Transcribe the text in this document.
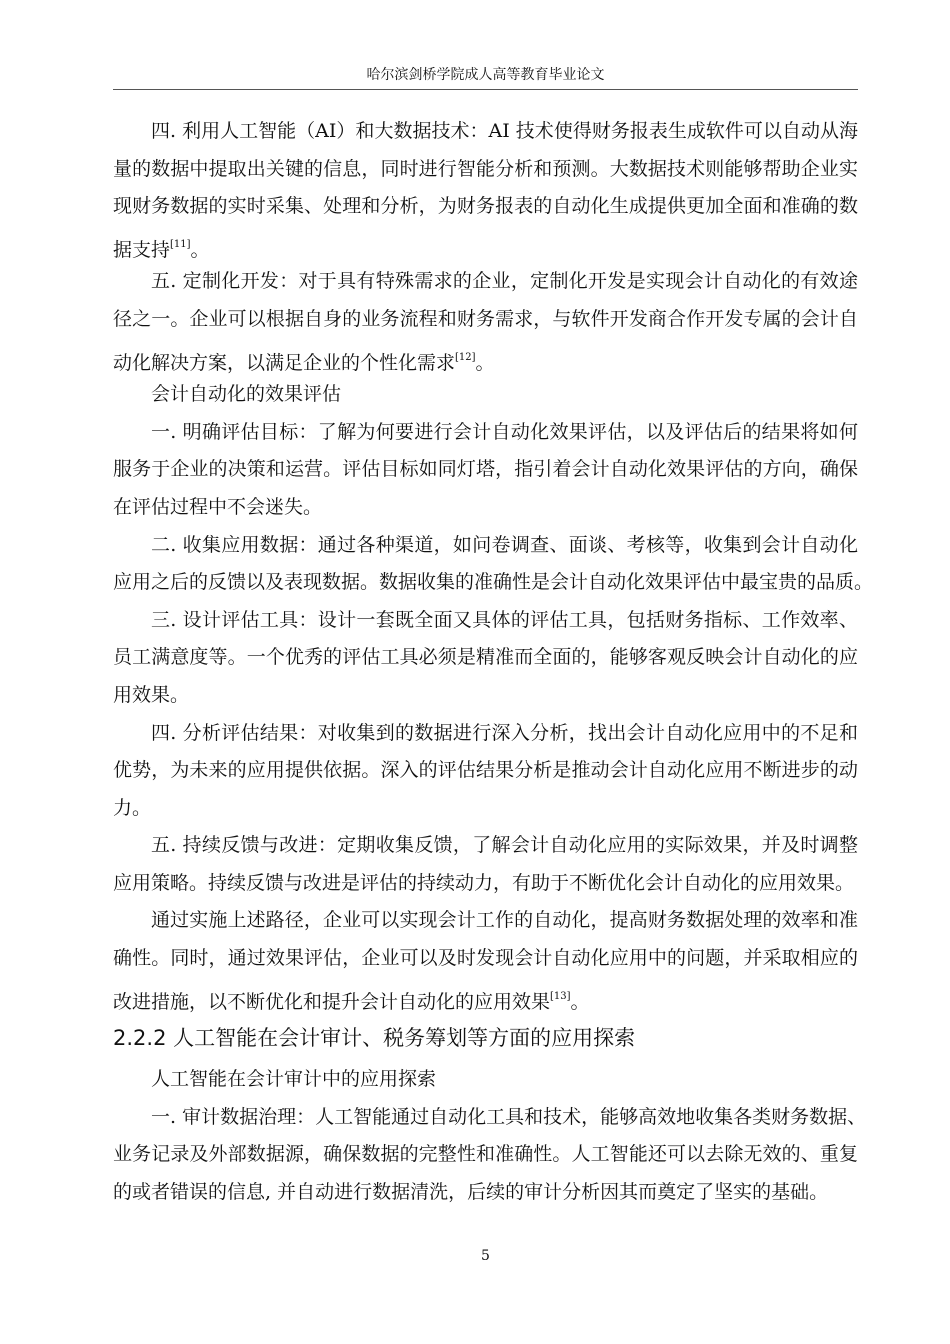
哈尔滨剑桥学院成人高等教育毕业论文
四. 利用人工智能（AI）和大数据技术：AI 技术使得财务报表生成软件可以自动从海
量的数据中提取出关键的信息，同时进行智能分析和预测。大数据技术则能够帮助企业实
现财务数据的实时采集、处理和分析，为财务报表的自动化生成提供更加全面和准确的数
据支持[11]。
五. 定制化开发：对于具有特殊需求的企业，定制化开发是实现会计自动化的有效途
径之一。企业可以根据自身的业务流程和财务需求，与软件开发商合作开发专属的会计自
动化解决方案，以满足企业的个性化需求[12]。
会计自动化的效果评估
一. 明确评估目标：了解为何要进行会计自动化效果评估，以及评估后的结果将如何
服务于企业的决策和运营。评估目标如同灯塔，指引着会计自动化效果评估的方向，确保
在评估过程中不会迷失。
二. 收集应用数据：通过各种渠道，如问卷调查、面谈、考核等，收集到会计自动化
应用之后的反馈以及表现数据。数据收集的准确性是会计自动化效果评估中最宝贵的品质。
三. 设计评估工具：设计一套既全面又具体的评估工具，包括财务指标、工作效率、
员工满意度等。一个优秀的评估工具必须是精准而全面的，能够客观反映会计自动化的应
用效果。
四. 分析评估结果：对收集到的数据进行深入分析，找出会计自动化应用中的不足和
优势，为未来的应用提供依据。深入的评估结果分析是推动会计自动化应用不断进步的动
力。
五. 持续反馈与改进：定期收集反馈，了解会计自动化应用的实际效果，并及时调整
应用策略。持续反馈与改进是评估的持续动力，有助于不断优化会计自动化的应用效果。
通过实施上述路径，企业可以实现会计工作的自动化，提高财务数据处理的效率和准
确性。同时，通过效果评估，企业可以及时发现会计自动化应用中的问题，并采取相应的
改进措施，以不断优化和提升会计自动化的应用效果[13]。
2.2.2 人工智能在会计审计、税务筹划等方面的应用探索
人工智能在会计审计中的应用探索
一. 审计数据治理：人工智能通过自动化工具和技术，能够高效地收集各类财务数据、
业务记录及外部数据源，确保数据的完整性和准确性。人工智能还可以去除无效的、重复
的或者错误的信息, 并自动进行数据清洗，后续的审计分析因其而奠定了坚实的基础。
5
